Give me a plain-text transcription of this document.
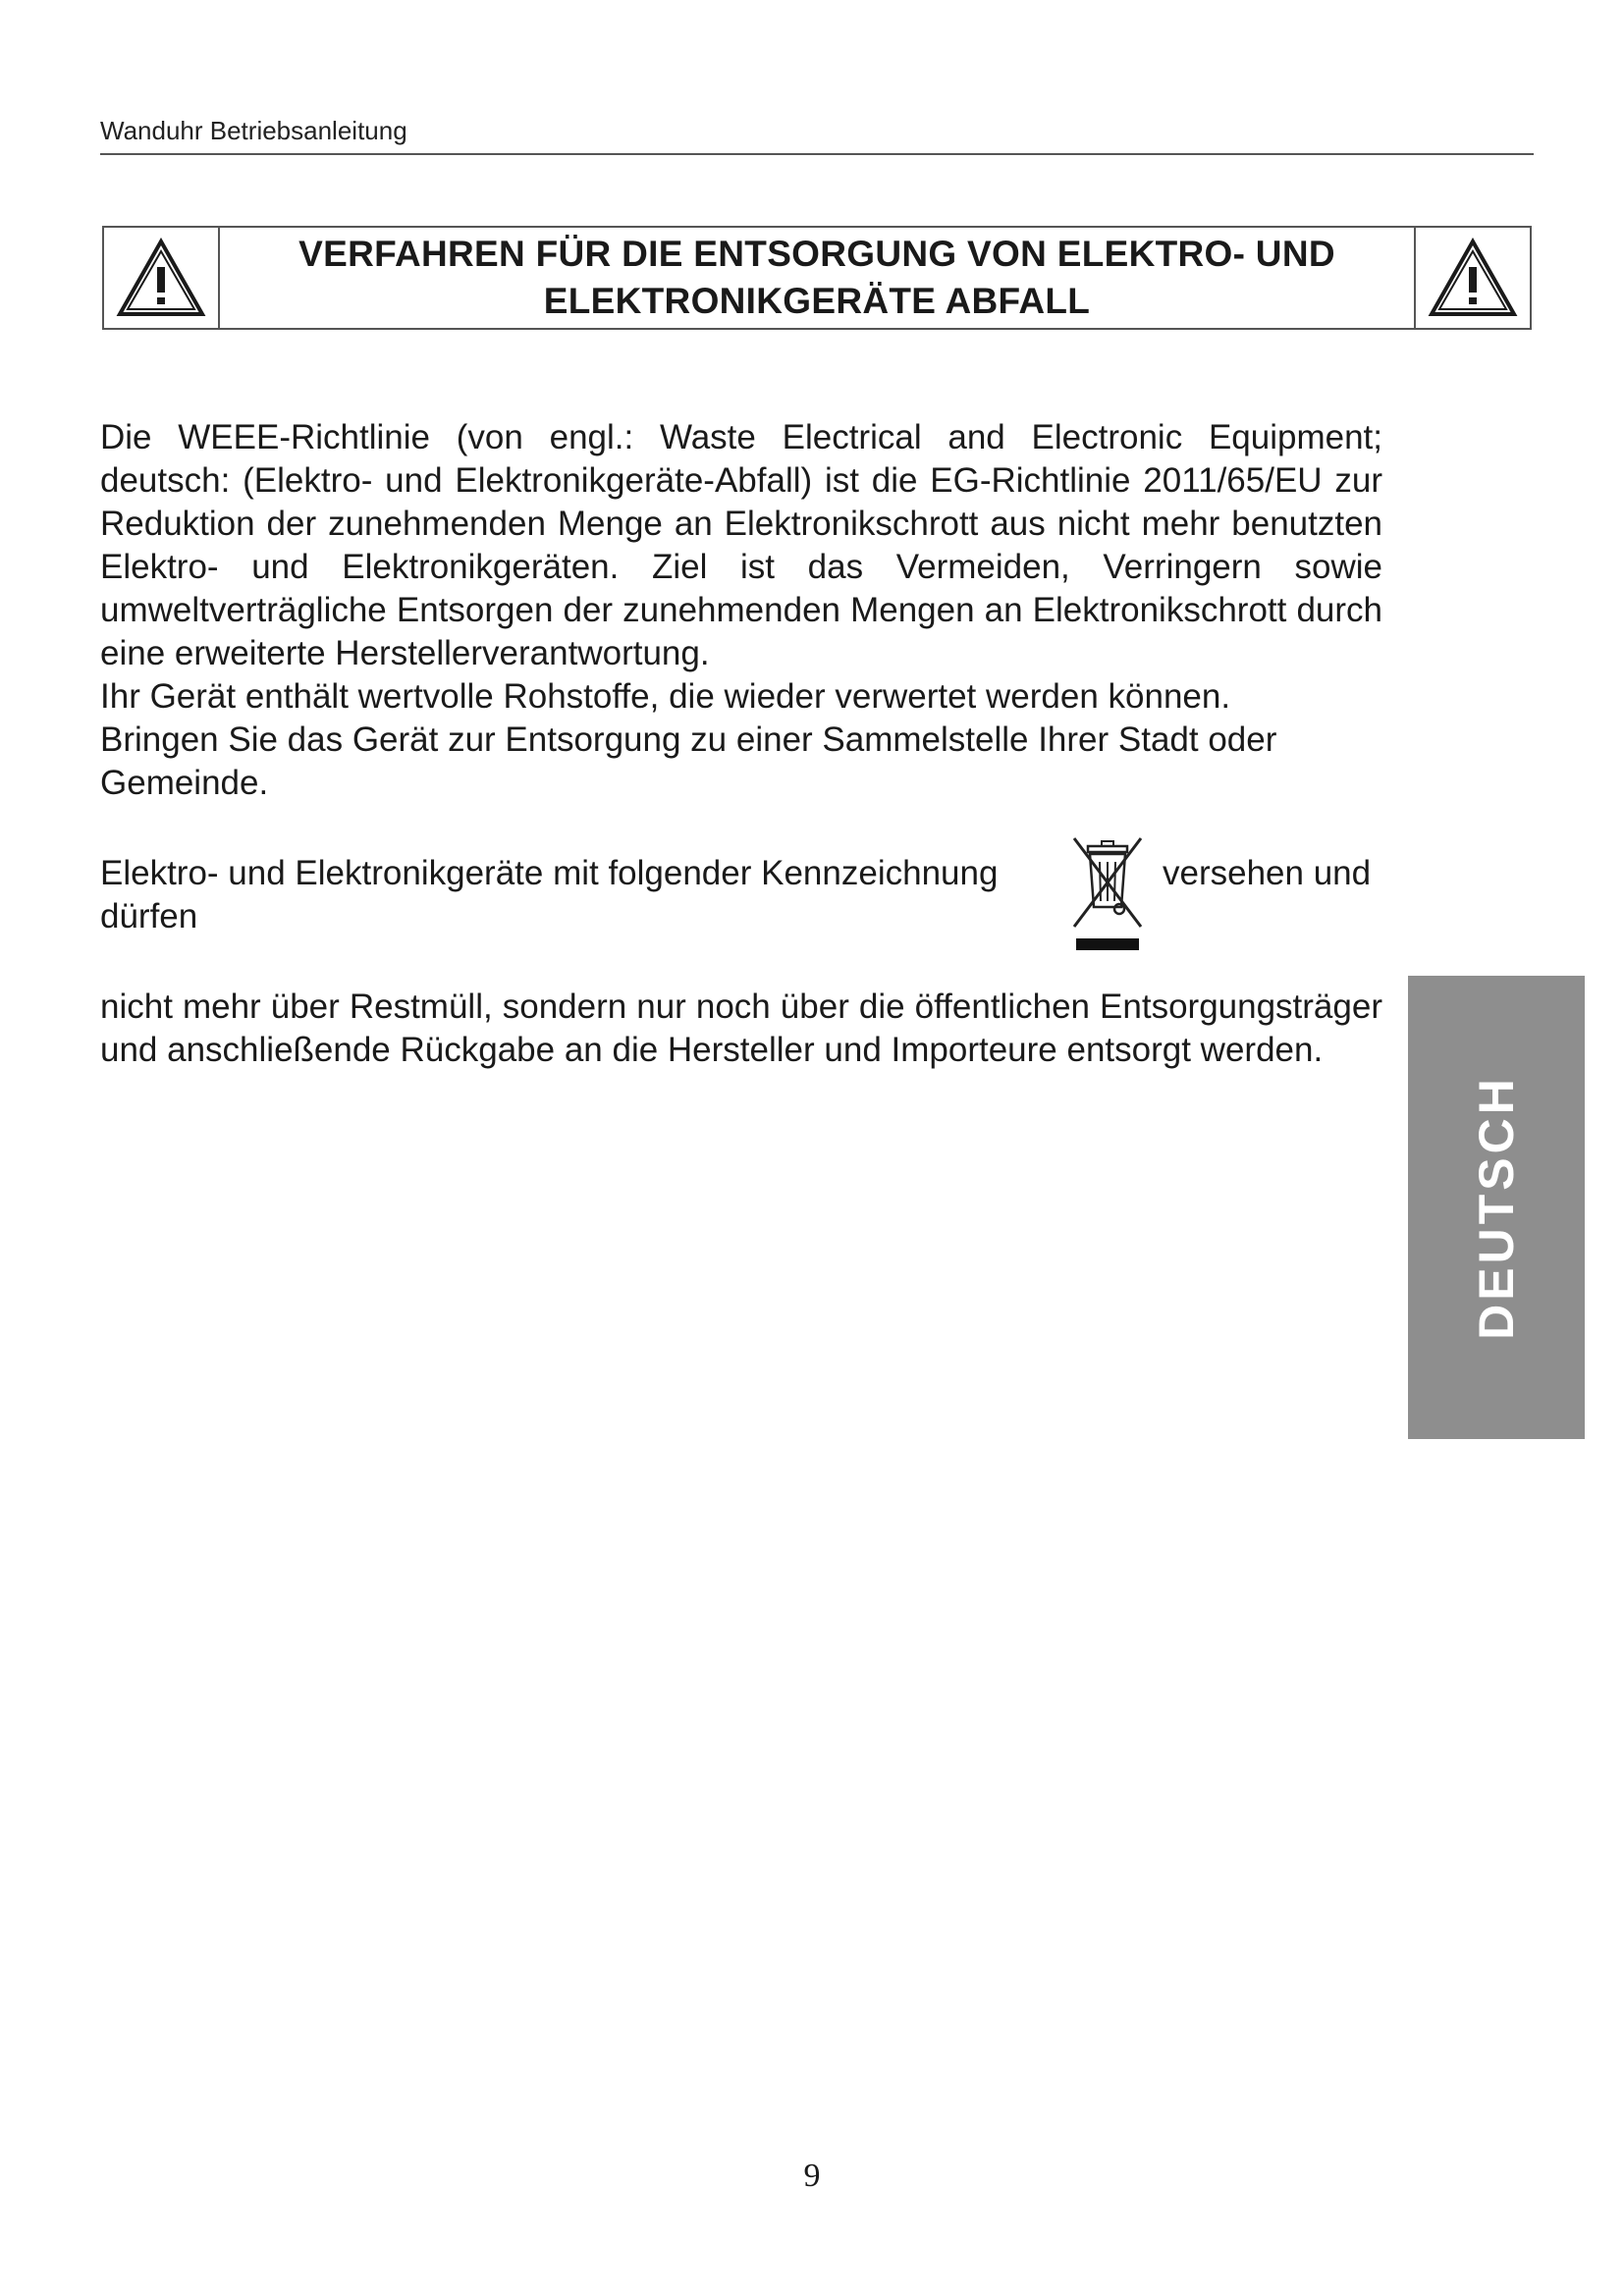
Wanduhr Betriebsanleitung
VERFAHREN FÜR DIE ENTSORGUNG VON ELEKTRO- UND
ELEKTRONIKGERÄTE ABFALL

Die WEEE-Richtlinie (von engl.: Waste Electrical and Electronic Equipment; deutsch: (Elektro- und Elektronikgeräte-Abfall) ist die EG-Richtlinie 2011/65/EU zur Reduktion der zunehmenden Menge an Elektronikschrott aus nicht mehr benutzten Elektro- und Elektronikgeräten. Ziel ist das Vermeiden, Verringern sowie umweltverträgliche Entsorgen der zunehmenden Mengen an Elektronikschrott durch eine erweiterte Herstellerverantwortung.

Ihr Gerät enthält wertvolle Rohstoffe, die wieder verwertet werden können.

Bringen Sie das Gerät zur Entsorgung zu einer Sammelstelle Ihrer Stadt oder Gemeinde.

Elektro- und Elektronikgeräte mit folgender Kennzeichnung
dürfen
versehen und

nicht mehr über Restmüll, sondern nur noch über die öffentlichen Entsorgungsträger und anschließende Rückgabe an die Hersteller und Importeure entsorgt werden.

DEUTSCH
9
